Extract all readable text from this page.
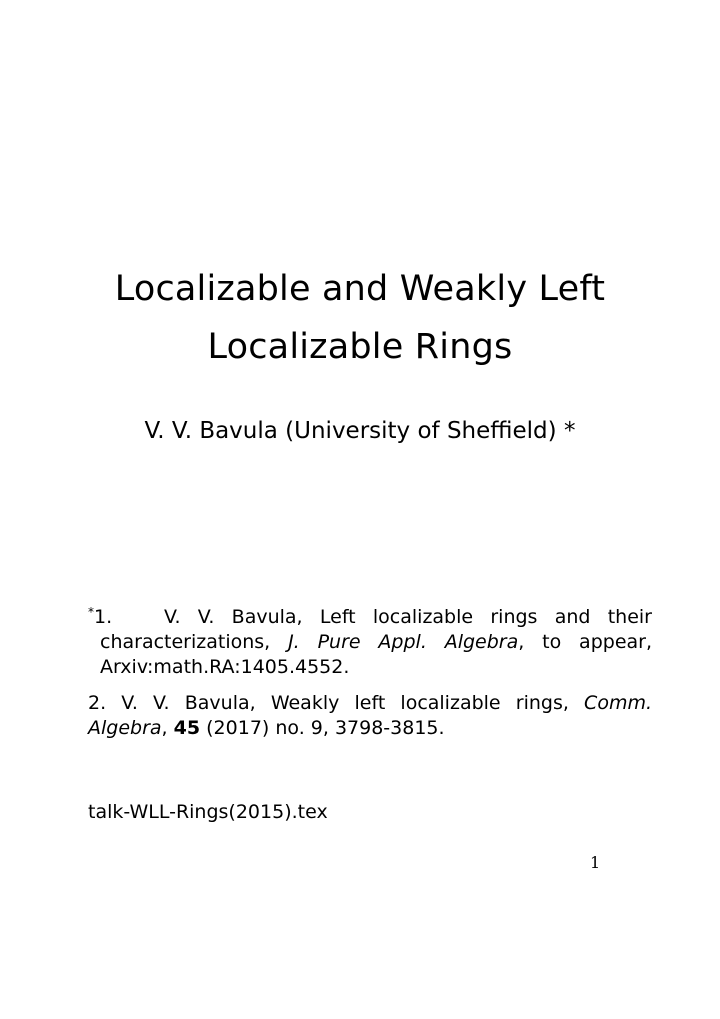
Localizable and Weakly Left
Localizable Rings
V. V. Bavula (University of Sheffield) *
*1.	V. V. Bavula, Left localizable rings and their
characterizations, J. Pure Appl. Algebra, to appear,
Arxiv:math.RA:1405.4552.
2. V. V. Bavula, Weakly left localizable rings, Comm.
Algebra, 45 (2017) no. 9, 3798-3815.
talk-WLL-Rings(2015).tex
1
